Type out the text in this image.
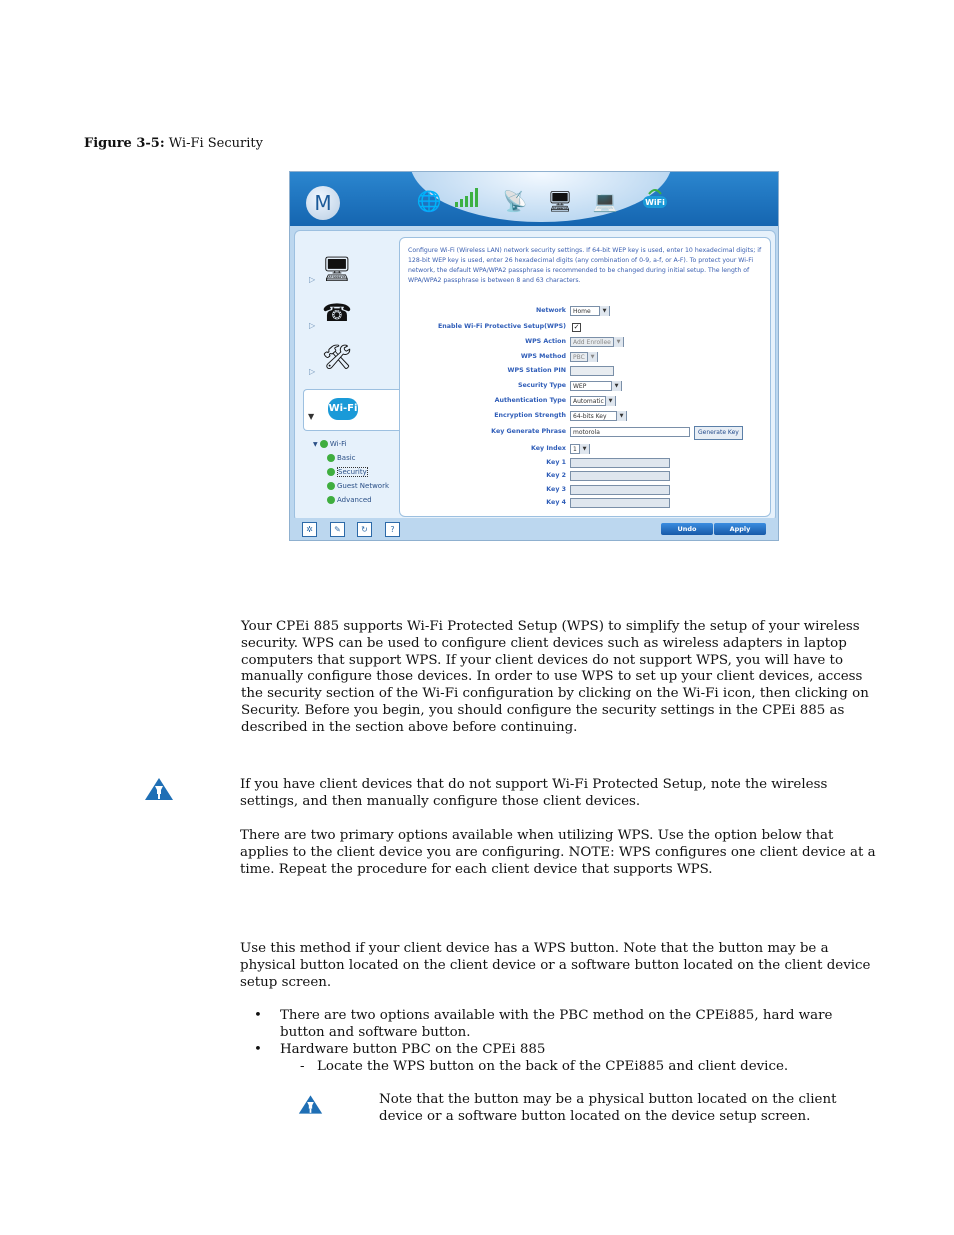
Figure 3-5: Wi-Fi Security
M	🌐	📡 🖥 💻	WiFi
▷ 🖥
▷ ☎
▷
🛠
▼
Wi-Fi
▼ Wi-Fi
Basic
Security
Guest Network
Advanced
Configure Wi-Fi (Wireless LAN) network security settings. If 64-bit WEP key is used, enter 10 hexadecimal digits; if 128-bit WEP key is used, enter 26 hexadecimal digits (any combination of 0-9, a-f, or A-F). To protect your Wi-Fi network, the default WPA/WPA2 passphrase is recommended to be changed during initial setup. The length of WPA/WPA2 passphrase is between 8 and 63 characters.
Network	Home ▼
Enable Wi-Fi Protective Setup(WPS) ✓
WPS Action	Add Enrollee ▼
WPS Method	PBC ▼
WPS Station PIN
Security Type	WEP ▼
Authentication Type	Automatic ▼
Encryption Strength	64-bits Key ▼
Key Generate Phrase	motorola	Generate Key
Key Index	1 ▼
Key 1
Key 2
Key 3
Key 4
✲	✎	↻	?	Undo	Apply
Your CPEi 885 supports Wi-Fi Protected Setup (WPS) to simplify the setup of your wireless security. WPS can be used to configure client devices such as wireless adapters in laptop computers that support WPS. If your client devices do not support WPS, you will have to manually configure those devices. In order to use WPS to set up your client devices, access the security section of the Wi-Fi configuration by clicking on the Wi-Fi icon, then clicking on Security. Before you begin, you should configure the security settings in the CPEi 885 as described in the section above before continuing.
If you have client devices that do not support Wi-Fi Protected Setup, note the wireless settings, and then manually configure those client devices.
There are two primary options available when utilizing WPS. Use the option below that applies to the client device you are configuring. NOTE: WPS configures one client device at a time. Repeat the procedure for each client device that supports WPS.
Use this method if your client device has a WPS button. Note that the button may be a physical button located on the client device or a software button located on the client device setup screen.
• There are two options available with the PBC method on the CPEi885, hard ware button and software button.
• Hardware button PBC on the CPEi 885
- Locate the WPS button on the back of the CPEi885 and client device.
Note that the button may be a physical button located on the client device or a software button located on the device setup screen.
